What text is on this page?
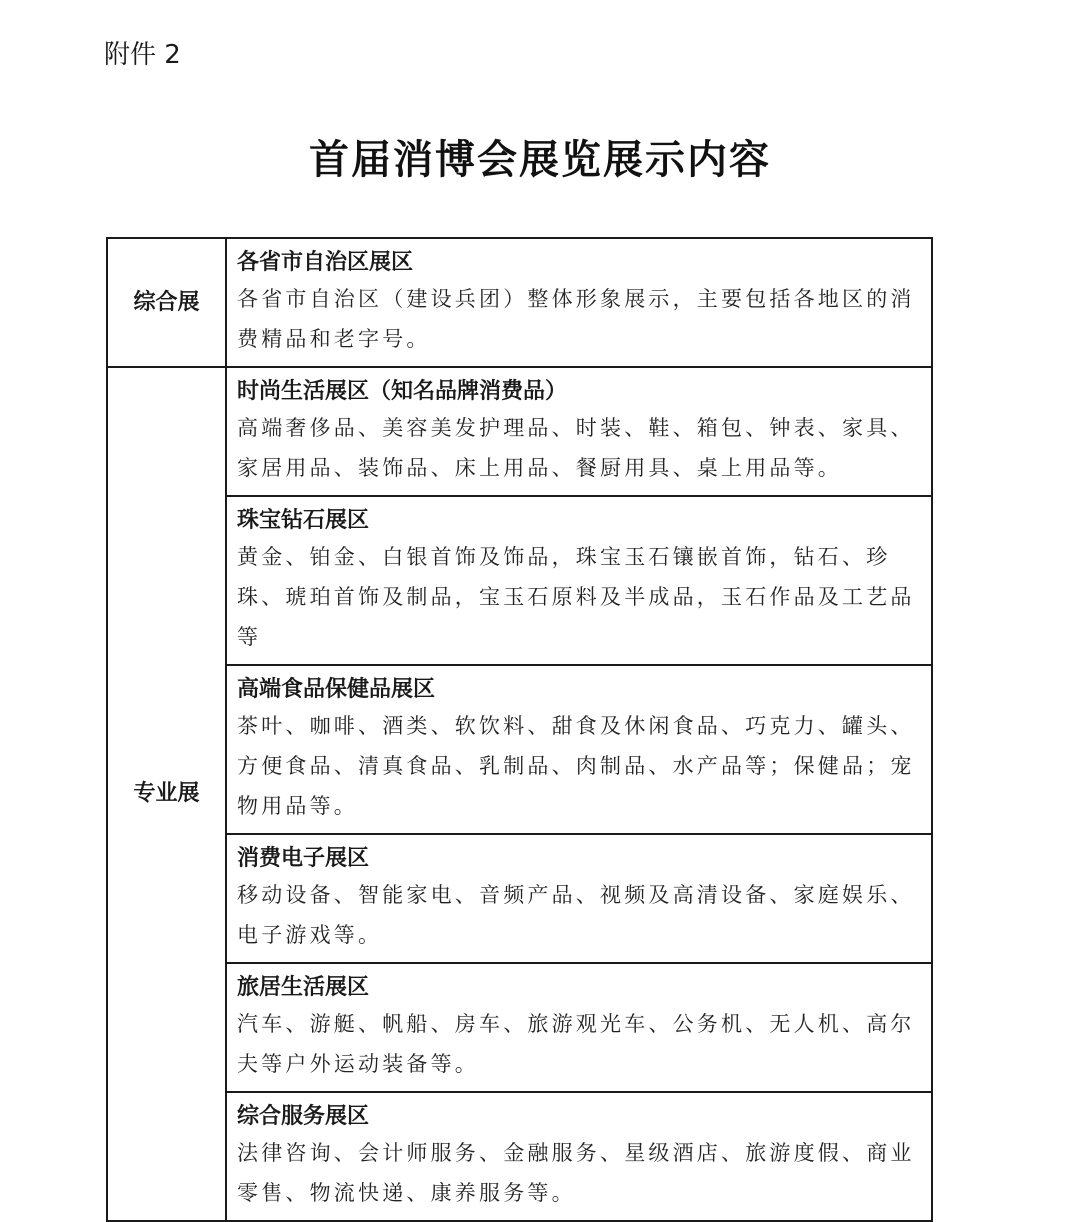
附件 2
首届消博会展览展示内容
综合展	各省市自治区展区
各省市自治区（建设兵团）整体形象展示，主要包括各地区的消费精品和老字号。

专业展	时尚生活展区（知名品牌消费品）
高端奢侈品、美容美发护理品、时装、鞋、箱包、钟表、家具、家居用品、装饰品、床上用品、餐厨用具、桌上用品等。

	珠宝钻石展区
黄金、铂金、白银首饰及饰品，珠宝玉石镶嵌首饰，钻石、珍珠、琥珀首饰及制品，宝玉石原料及半成品，玉石作品及工艺品等

	高端食品保健品展区
茶叶、咖啡、酒类、软饮料、甜食及休闲食品、巧克力、罐头、方便食品、清真食品、乳制品、肉制品、水产品等；保健品；宠物用品等。

	消费电子展区
移动设备、智能家电、音频产品、视频及高清设备、家庭娱乐、电子游戏等。

	旅居生活展区
汽车、游艇、帆船、房车、旅游观光车、公务机、无人机、高尔夫等户外运动装备等。

	综合服务展区
法律咨询、会计师服务、金融服务、星级酒店、旅游度假、商业零售、物流快递、康养服务等。
